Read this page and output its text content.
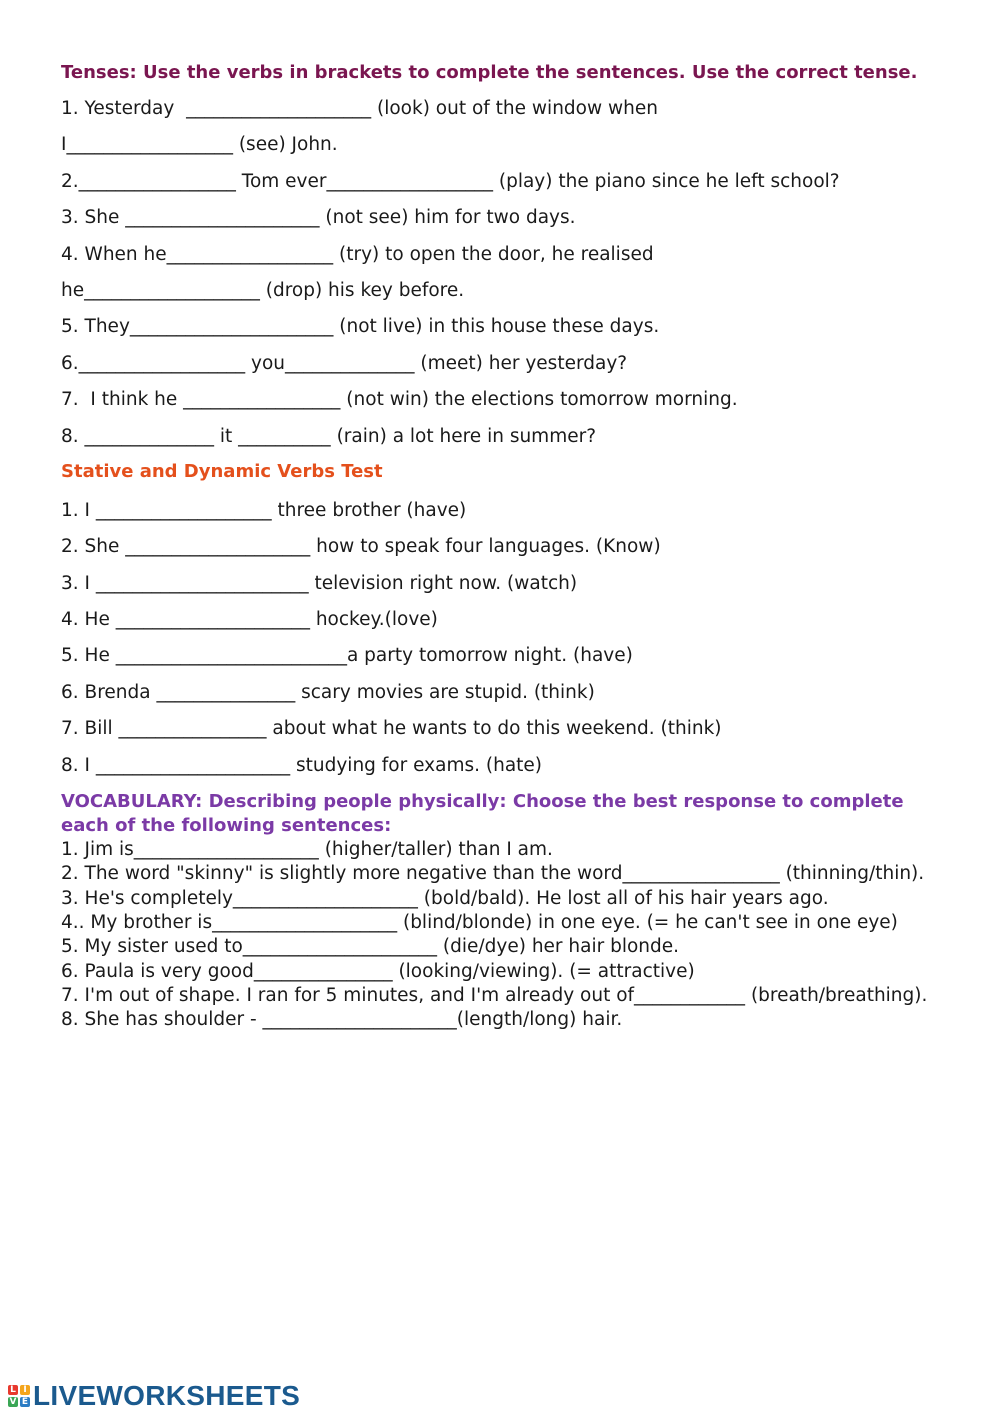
Tenses: Use the verbs in brackets to complete the sentences. Use the correct tense.

1. Yesterday  ____________________ (look) out of the window when
I__________________ (see) John.
2._________________ Tom ever__________________ (play) the piano since he left school?
3. She _____________________ (not see) him for two days.
4. When he__________________ (try) to open the door, he realised
he___________________ (drop) his key before.
5. They______________________ (not live) in this house these days.
6.__________________ you______________ (meet) her yesterday?
7.  I think he _________________ (not win) the elections tomorrow morning.
8. ______________ it __________ (rain) a lot here in summer?

Stative and Dynamic Verbs Test

1. I ___________________ three brother (have)
2. She ____________________ how to speak four languages. (Know)
3. I _______________________ television right now. (watch)
4. He _____________________ hockey.(love)
5. He _________________________a party tomorrow night. (have)
6. Brenda _______________ scary movies are stupid. (think)
7. Bill ________________ about what he wants to do this weekend. (think)
8. I _____________________ studying for exams. (hate)

VOCABULARY: Describing people physically: Choose the best response to complete
each of the following sentences:

1. Jim is____________________ (higher/taller) than I am.
2. The word "skinny" is slightly more negative than the word_________________ (thinning/thin).
3. He's completely____________________ (bold/bald). He lost all of his hair years ago.
4.. My brother is____________________ (blind/blonde) in one eye. (= he can't see in one eye)
5. My sister used to_____________________ (die/dye) her hair blonde.
6. Paula is very good_______________ (looking/viewing). (= attractive)
7. I'm out of shape. I ran for 5 minutes, and I'm already out of____________ (breath/breathing).
8. She has shoulder - _____________________(length/long) hair.
L I
V E LIVEWORKSHEETS
